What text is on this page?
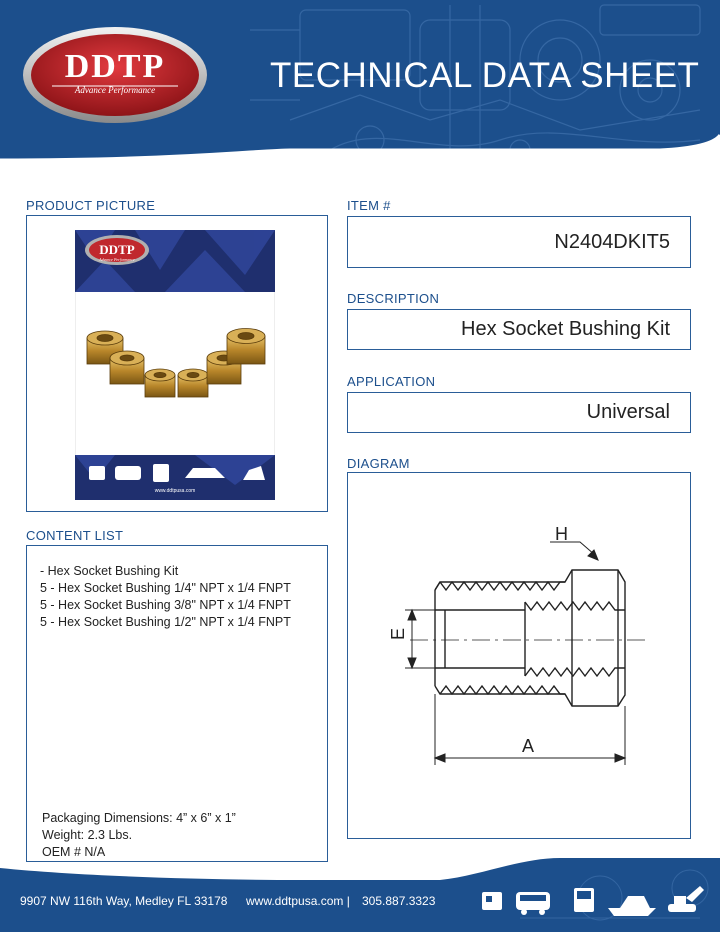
DDTP
Advance Performance	TECHNICAL DATA SHEET
PRODUCT PICTURE
DDTP
Advance Performance
www.ddtpusa.com
ITEM #
N2404DKIT5
DESCRIPTION
Hex Socket Bushing Kit
APPLICATION
Universal
DIAGRAM
H
E
A
CONTENT LIST
- Hex Socket Bushing Kit
5 - Hex Socket Bushing 1/4" NPT x 1/4 FNPT
5 - Hex Socket Bushing 3/8" NPT x 1/4 FNPT
5 - Hex Socket Bushing 1/2" NPT x 1/4 FNPT
Packaging Dimensions: 4” x 6” x 1”
Weight: 2.3 Lbs.
OEM # N/A
9907 NW 116th Way, Medley FL 33178 www.ddtpusa.com | 305.887.3323
